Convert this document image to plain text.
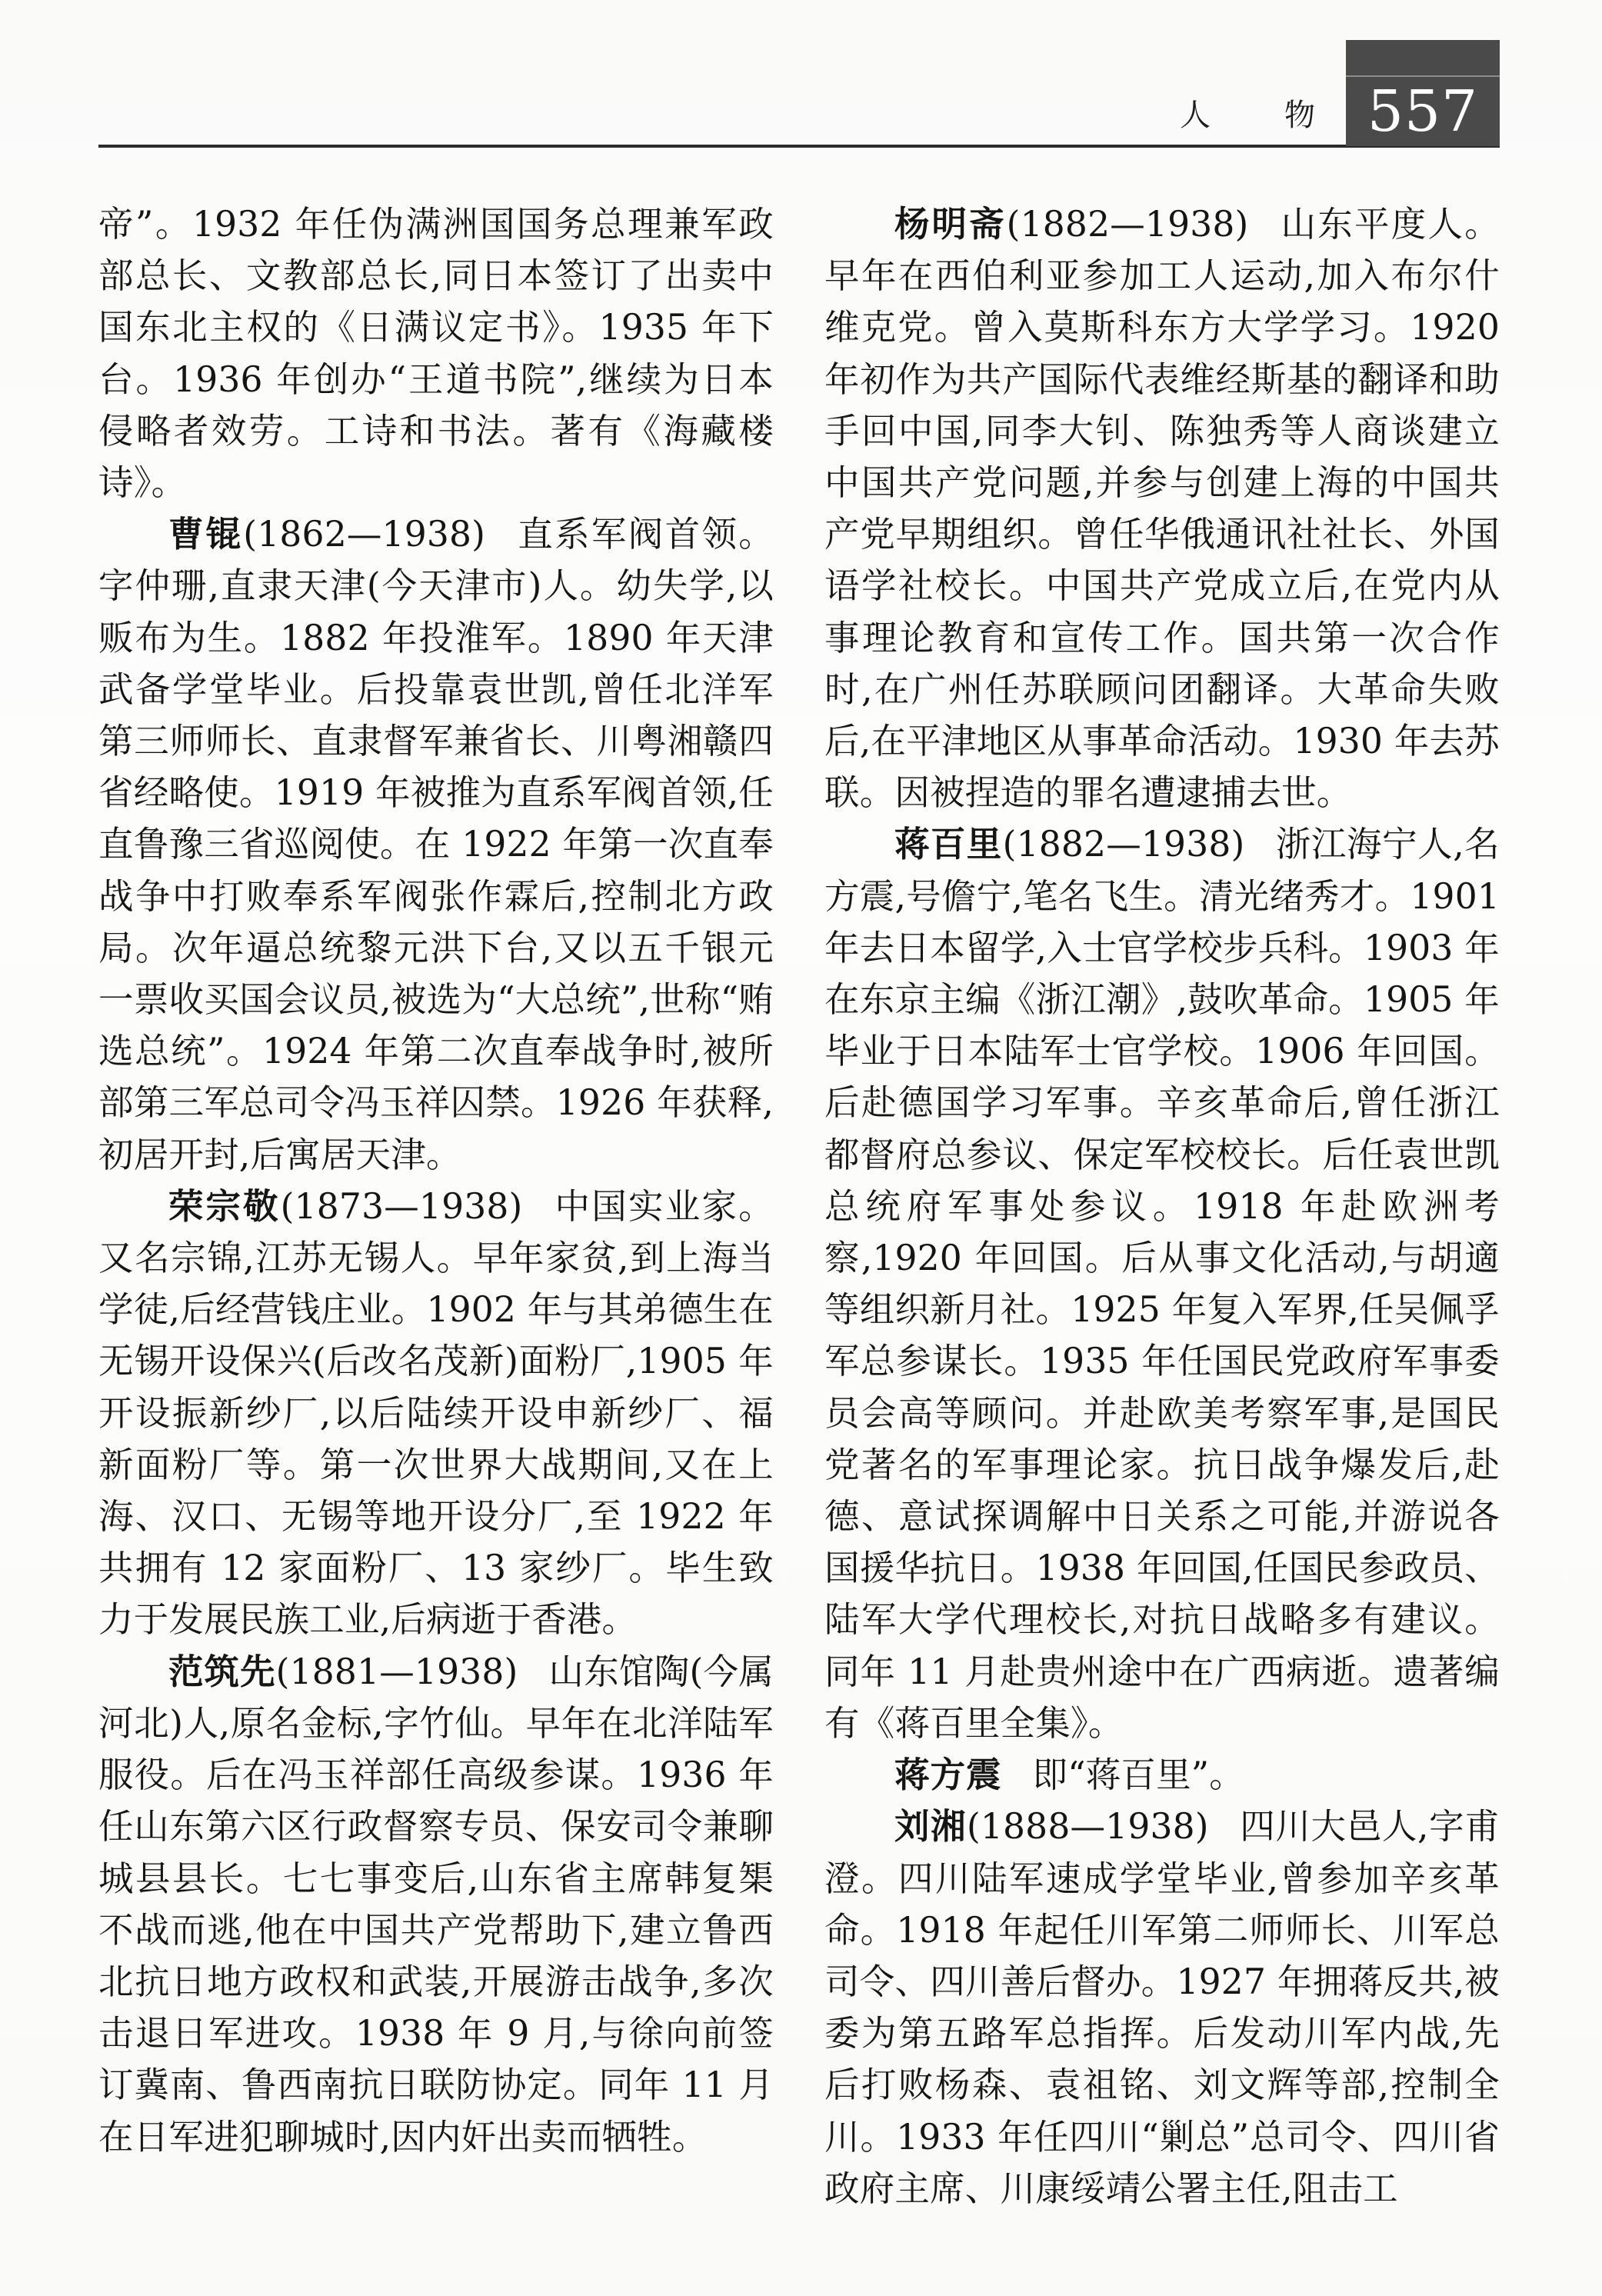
人　物 557

帝”。1932 年任伪满洲国国务总理兼军政部总长、文教部总长,同日本签订了出卖中国东北主权的《日满议定书》。1935 年下台。1936 年创办“王道书院”,继续为日本侵略者效劳。工诗和书法。著有《海藏楼诗》。

曹锟(1862—1938) 直系军阀首领。字仲珊,直隶天津(今天津市)人。幼失学,以贩布为生。1882 年投淮军。1890 年天津武备学堂毕业。后投靠袁世凯,曾任北洋军第三师师长、直隶督军兼省长、川粤湘赣四省经略使。1919 年被推为直系军阀首领,任直鲁豫三省巡阅使。在 1922 年第一次直奉战争中打败奉系军阀张作霖后,控制北方政局。次年逼总统黎元洪下台,又以五千银元一票收买国会议员,被选为“大总统”,世称“贿选总统”。1924 年第二次直奉战争时,被所部第三军总司令冯玉祥囚禁。1926 年获释,初居开封,后寓居天津。

荣宗敬(1873—1938) 中国实业家。又名宗锦,江苏无锡人。早年家贫,到上海当学徒,后经营钱庄业。1902 年与其弟德生在无锡开设保兴(后改名茂新)面粉厂,1905 年开设振新纱厂,以后陆续开设申新纱厂、福新面粉厂等。第一次世界大战期间,又在上海、汉口、无锡等地开设分厂,至 1922 年共拥有 12 家面粉厂、13 家纱厂。毕生致力于发展民族工业,后病逝于香港。

范筑先(1881—1938) 山东馆陶(今属河北)人,原名金标,字竹仙。早年在北洋陆军服役。后在冯玉祥部任高级参谋。1936 年任山东第六区行政督察专员、保安司令兼聊城县县长。七七事变后,山东省主席韩复榘不战而逃,他在中国共产党帮助下,建立鲁西北抗日地方政权和武装,开展游击战争,多次击退日军进攻。1938 年 9 月,与徐向前签订冀南、鲁西南抗日联防协定。同年 11 月在日军进犯聊城时,因内奸出卖而牺牲。

杨明斋(1882—1938) 山东平度人。早年在西伯利亚参加工人运动,加入布尔什维克党。曾入莫斯科东方大学学习。1920 年初作为共产国际代表维经斯基的翻译和助手回中国,同李大钊、陈独秀等人商谈建立中国共产党问题,并参与创建上海的中国共产党早期组织。曾任华俄通讯社社长、外国语学社校长。中国共产党成立后,在党内从事理论教育和宣传工作。国共第一次合作时,在广州任苏联顾问团翻译。大革命失败后,在平津地区从事革命活动。1930 年去苏联。因被捏造的罪名遭逮捕去世。

蒋百里(1882—1938) 浙江海宁人,名方震,号儋宁,笔名飞生。清光绪秀才。1901 年去日本留学,入士官学校步兵科。1903 年在东京主编《浙江潮》,鼓吹革命。1905 年毕业于日本陆军士官学校。1906 年回国。后赴德国学习军事。辛亥革命后,曾任浙江都督府总参议、保定军校校长。后任袁世凯总统府军事处参议。1918 年赴欧洲考察,1920 年回国。后从事文化活动,与胡適等组织新月社。1925 年复入军界,任吴佩孚军总参谋长。1935 年任国民党政府军事委员会高等顾问。并赴欧美考察军事,是国民党著名的军事理论家。抗日战争爆发后,赴德、意试探调解中日关系之可能,并游说各国援华抗日。1938 年回国,任国民参政员、陆军大学代理校长,对抗日战略多有建议。同年 11 月赴贵州途中在广西病逝。遗著编有《蒋百里全集》。

蒋方震 即“蒋百里”。

刘湘(1888—1938) 四川大邑人,字甫澄。四川陆军速成学堂毕业,曾参加辛亥革命。1918 年起任川军第二师师长、川军总司令、四川善后督办。1927 年拥蒋反共,被委为第五路军总指挥。后发动川军内战,先后打败杨森、袁祖铭、刘文辉等部,控制全川。1933 年任四川“剿总”总司令、四川省政府主席、川康绥靖公署主任,阻击工
